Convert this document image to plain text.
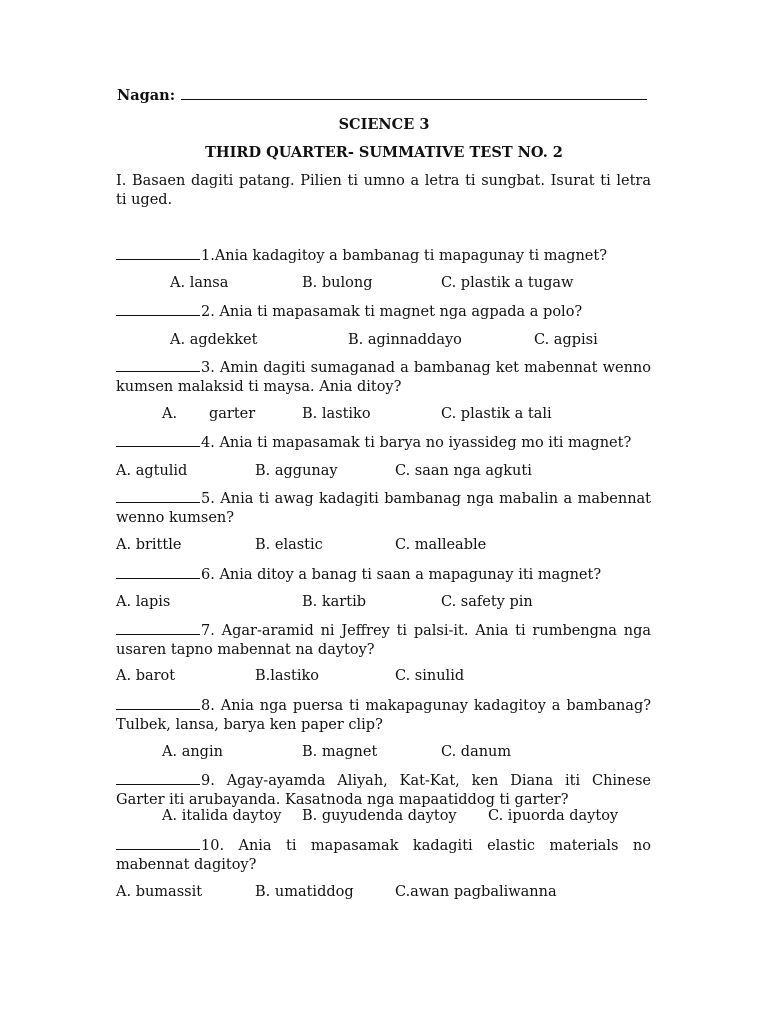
Nagan:
SCIENCE 3
THIRD QUARTER- SUMMATIVE TEST NO. 2
I. Basaen dagiti patang. Pilien ti umno a letra ti sungbat. Isurat ti letra ti uged.
1.Ania kadagitoy a bambanag ti mapagunay ti magnet?
A. lansa	B. bulong	C. plastik a tugaw
2. Ania ti mapasamak ti magnet nga agpada a polo?
A. agdekket	B. aginnaddayo	C. agpisi
3. Amin dagiti sumaganad a bambanag ket mabennat wenno kumsen malaksid ti maysa. Ania ditoy?
A. garter	B. lastiko	C. plastik a tali
4. Ania ti mapasamak ti barya no iyassideg mo iti magnet?
A. agtulid	B. aggunay	C. saan nga agkuti
5. Ania ti awag kadagiti bambanag nga mabalin a mabennat wenno kumsen?
A. brittle	B. elastic	C. malleable
6. Ania ditoy a banag ti saan a mapagunay iti magnet?
A. lapis	B. kartib	C. safety pin
7. Agar-aramid ni Jeffrey ti palsi-it. Ania ti rumbengna nga usaren tapno mabennat na daytoy?
A. barot	B.lastiko	C. sinulid
8. Ania nga puersa ti makapagunay kadagitoy a bambanag? Tulbek, lansa, barya ken paper clip?
A. angin	B. magnet	C. danum
9. Agay-ayamda Aliyah, Kat-Kat, ken Diana iti Chinese Garter iti arubayanda. Kasatnoda nga mapaatiddog ti garter?
A. italida daytoy B. guyudenda daytoy C. ipuorda daytoy
10. Ania ti mapasamak kadagiti elastic materials no mabennat dagitoy?
A. bumassit	B. umatiddog	C.awan pagbaliwanna
